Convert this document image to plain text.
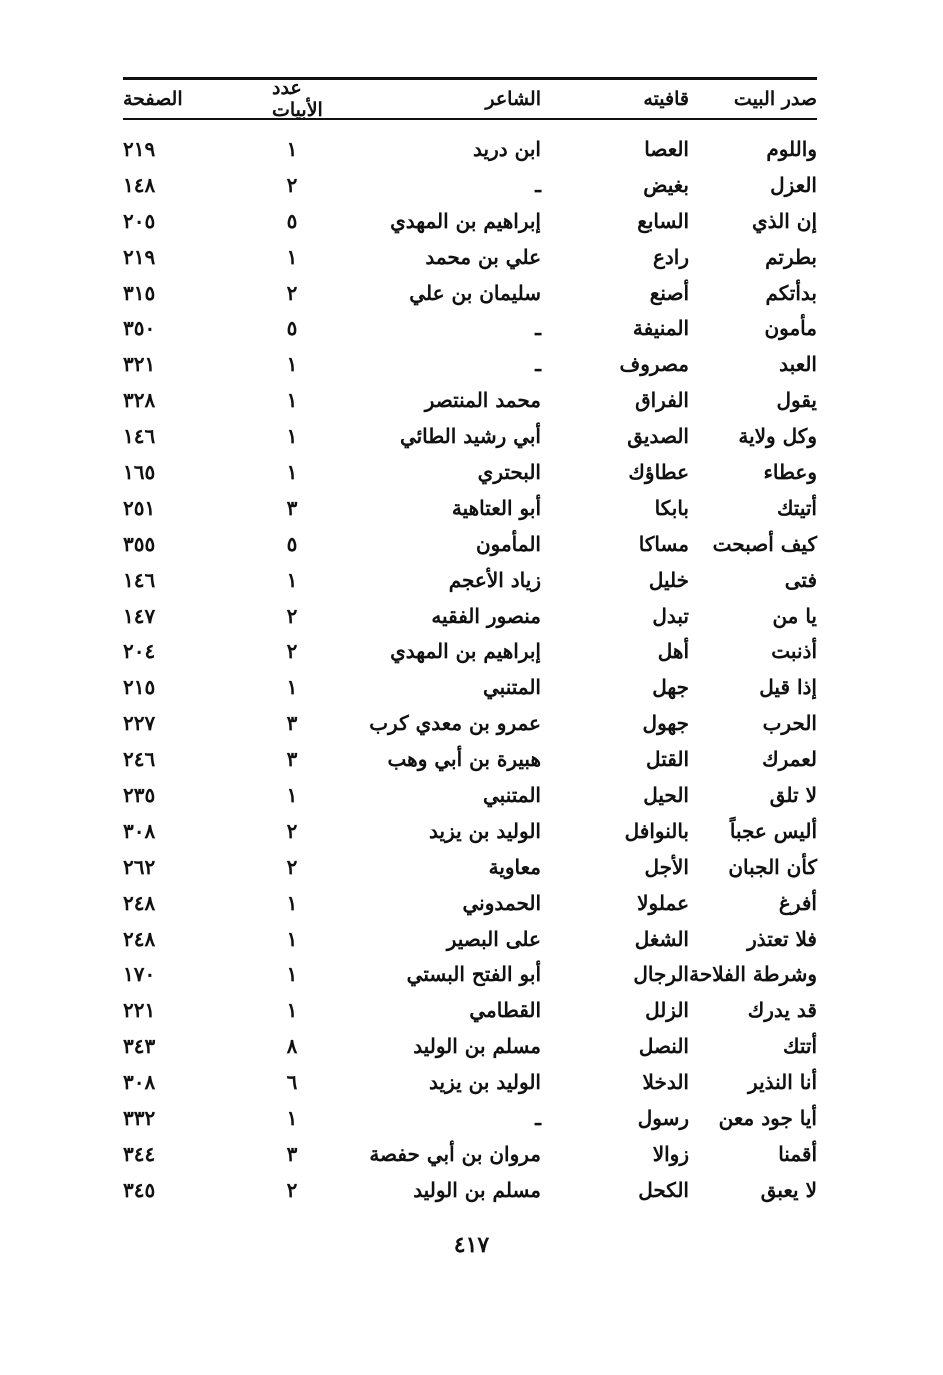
صدر البيت
قافيته
الشاعر
عدد الأبيات
الصفحة
واللوم
العصا
ابن دريد
١
٢١٩
العزل
بغيض
ـ
٢
١٤٨
إن الذي
السابع
إبراهيم بن المهدي
٥
٢٠٥
بطرتم
رادع
علي بن محمد
١
٢١٩
بدأتكم
أصنع
سليمان بن علي
٢
٣١٥
مأمون
المنيفة
ـ
٥
٣٥٠
العبد
مصروف
ـ
١
٣٢١
يقول
الفراق
محمد المنتصر
١
٣٢٨
وكل ولاية
الصديق
أبي رشيد الطائي
١
١٤٦
وعطاء
عطاؤك
البحتري
١
١٦٥
أتيتك
بابكا
أبو العتاهية
٣
٢٥١
كيف أصبحت
مساكا
المأمون
٥
٣٥٥
فتى
خليل
زياد الأعجم
١
١٤٦
يا من
تبدل
منصور الفقيه
٢
١٤٧
أذنبت
أهل
إبراهيم بن المهدي
٢
٢٠٤
إذا قيل
جهل
المتنبي
١
٢١٥
الحرب
جهول
عمرو بن معدي كرب
٣
٢٢٧
لعمرك
القتل
هبيرة بن أبي وهب
٣
٢٤٦
لا تلق
الحيل
المتنبي
١
٢٣٥
أليس عجباً
بالنوافل
الوليد بن يزيد
٢
٣٠٨
كأن الجبان
الأجل
معاوية
٢
٢٦٢
أفرغ
عملولا
الحمدوني
١
٢٤٨
فلا تعتذر
الشغل
على البصير
١
٢٤٨
وشرطة الفلاحة
الرجال
أبو الفتح البستي
١
١٧٠
قد يدرك
الزلل
القطامي
١
٢٢١
أتتك
النصل
مسلم بن الوليد
٨
٣٤٣
أنا النذير
الدخلا
الوليد بن يزيد
٦
٣٠٨
أيا جود معن
رسول
ـ
١
٣٣٢
أقمنا
زوالا
مروان بن أبي حفصة
٣
٣٤٤
لا يعبق
الكحل
مسلم بن الوليد
٢
٣٤٥
٤١٧
